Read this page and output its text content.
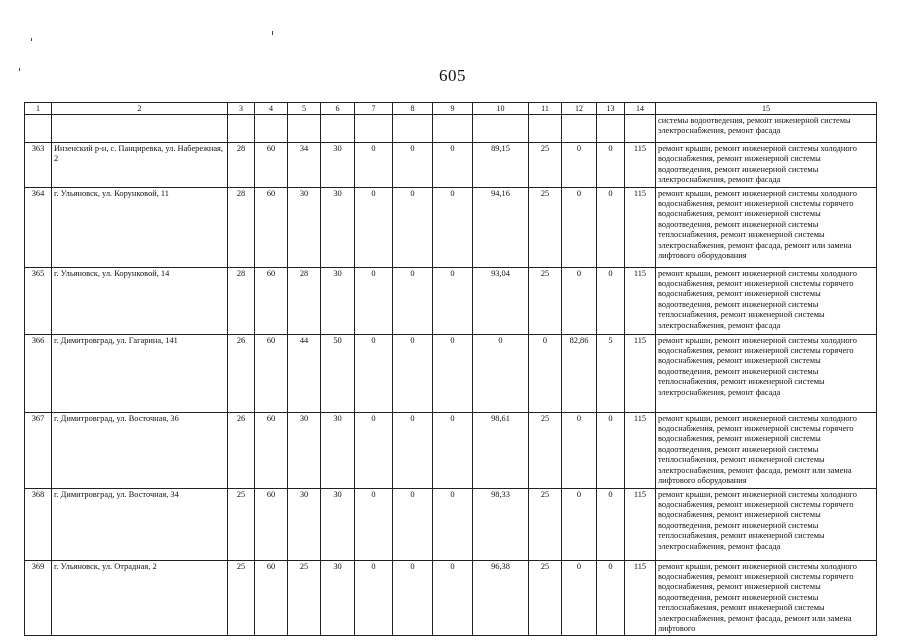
605
1	2	3	4	5	6	7	8	9	10	11	12	13	14	15
														системы водоотведения, ремонт инженерной системы электроснабжения, ремонт фасада
363	Инзенский р-н, с. Панциревка, ул. Набережная, 2	28	60	34	30	0	0	0	89,15	25	0	0	115	ремонт крыши, ремонт инженерной системы холодного водоснабжения, ремонт инженерной системы водоотведения, ремонт инженерной системы электроснабжения, ремонт фасада
364	г. Ульяновск, ул. Корунковой, 11	28	60	30	30	0	0	0	94,16	25	0	0	115	ремонт крыши, ремонт инженерной системы холодного водоснабжения, ремонт инженерной системы горячего водоснабжения, ремонт инженерной системы водоотведения, ремонт инженерной системы теплоснабжения, ремонт инженерной системы электроснабжения, ремонт фасада, ремонт или замена лифтового оборудования
365	г. Ульяновск, ул. Корунковой, 14	28	60	28	30	0	0	0	93,04	25	0	0	115	ремонт крыши, ремонт инженерной системы холодного водоснабжения, ремонт инженерной системы горячего водоснабжения, ремонт инженерной системы водоотведения, ремонт инженерной системы теплоснабжения, ремонт инженерной системы электроснабжения, ремонт фасада
366	г. Димитровград, ул. Гагарина, 141	26	60	44	50	0	0	0	0	0	82,86	5	115	ремонт крыши, ремонт инженерной системы холодного водоснабжения, ремонт инженерной системы горячего водоснабжения, ремонт инженерной системы водоотведения, ремонт инженерной системы теплоснабжения, ремонт инженерной системы электроснабжения, ремонт фасада
367	г. Димитровград, ул. Восточная, 36	26	60	30	30	0	0	0	98,61	25	0	0	115	ремонт крыши, ремонт инженерной системы холодного водоснабжения, ремонт инженерной системы горячего водоснабжения, ремонт инженерной системы водоотведения, ремонт инженерной системы теплоснабжения, ремонт инженерной системы электроснабжения, ремонт фасада, ремонт или замена лифтового оборудования
368	г. Димитровград, ул. Восточная, 34	25	60	30	30	0	0	0	98,33	25	0	0	115	ремонт крыши, ремонт инженерной системы холодного водоснабжения, ремонт инженерной системы горячего водоснабжения, ремонт инженерной системы водоотведения, ремонт инженерной системы теплоснабжения, ремонт инженерной системы электроснабжения, ремонт фасада
369	г. Ульяновск, ул. Отрадная, 2	25	60	25	30	0	0	0	96,38	25	0	0	115	ремонт крыши, ремонт инженерной системы холодного водоснабжения, ремонт инженерной системы горячего водоснабжения, ремонт инженерной системы водоотведения, ремонт инженерной системы теплоснабжения, ремонт инженерной системы электроснабжения, ремонт фасада, ремонт или замена лифтового
